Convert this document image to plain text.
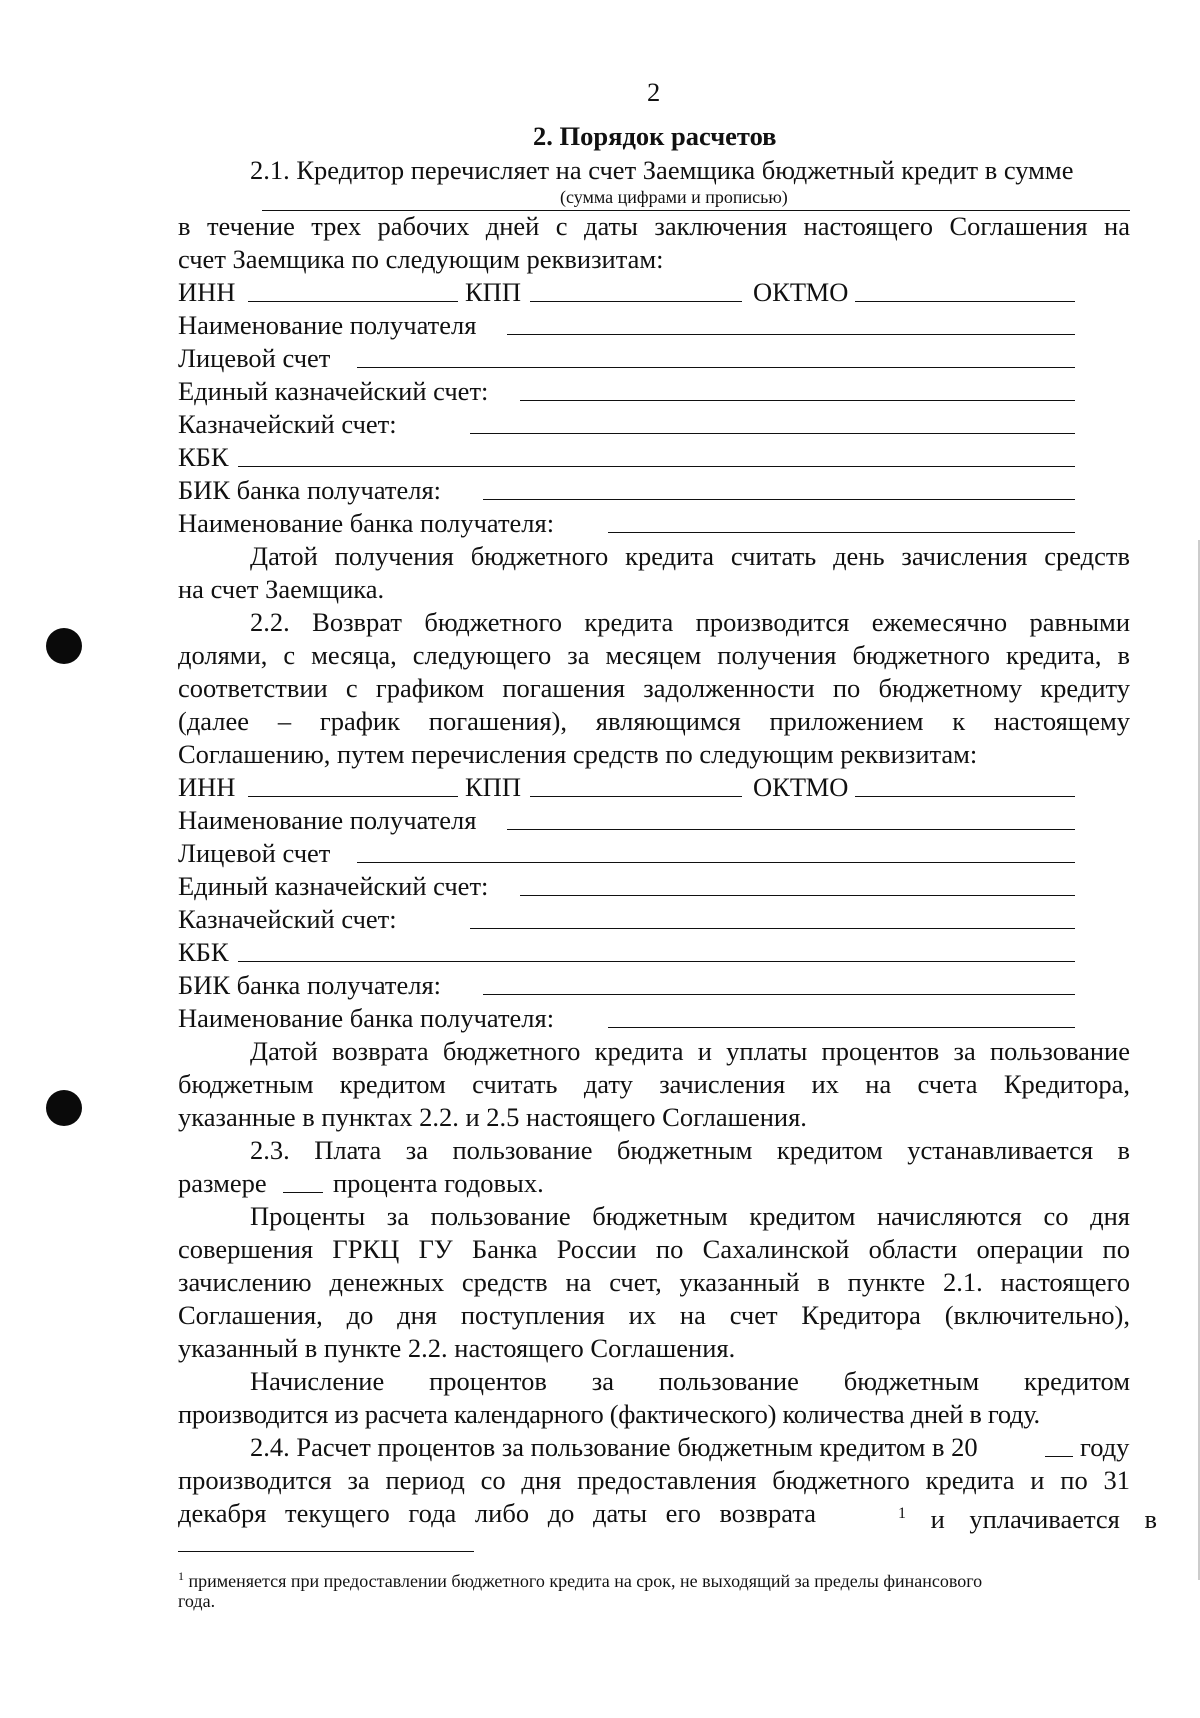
2
2. Порядок расчетов
2.1. Кредитор перечисляет на счет Заемщика бюджетный кредит в сумме
(сумма цифрами и прописью)
в течение трех рабочих дней с даты заключения настоящего Соглашения на
счет Заемщика по следующим реквизитам:
ИНН	КПП	ОКТМО
Наименование получателя
Лицевой счет
Единый казначейский счет:
Казначейский счет:
КБК
БИК банка получателя:
Наименование банка получателя:
Датой получения бюджетного кредита считать день зачисления средств
на счет Заемщика.
2.2. Возврат бюджетного кредита производится ежемесячно равными
долями, с месяца, следующего за месяцем получения бюджетного кредита, в
соответствии с графиком погашения задолженности по бюджетному кредиту
(далее – график погашения), являющимся приложением к настоящему
Соглашению, путем перечисления средств по следующим реквизитам:
ИНН	КПП	ОКТМО
Наименование получателя
Лицевой счет
Единый казначейский счет:
Казначейский счет:
КБК
БИК банка получателя:
Наименование банка получателя:
Датой возврата бюджетного кредита и уплаты процентов за пользование
бюджетным кредитом считать дату зачисления их на счета Кредитора,
указанные в пунктах 2.2. и 2.5 настоящего Соглашения.
2.3. Плата за пользование бюджетным кредитом устанавливается в
размере	процента годовых.
Проценты за пользование бюджетным кредитом начисляются со дня
совершения ГРКЦ ГУ Банка России по Сахалинской области операции по
зачислению денежных средств на счет, указанный в пункте 2.1. настоящего
Соглашения, до дня поступления их на счет Кредитора (включительно),
указанный в пункте 2.2. настоящего Соглашения.
Начисление процентов за пользование бюджетным кредитом
производится из расчета календарного (фактического) количества дней в году.
2.4. Расчет процентов за пользование бюджетным кредитом в 20	году
производится за период со дня предоставления бюджетного кредита и по 31
декабря текущего года либо до даты его возврата	$^1$ и уплачивается в
$^1$ применяется при предоставлении бюджетного кредита на срок, не выходящий за пределы финансового
года.
